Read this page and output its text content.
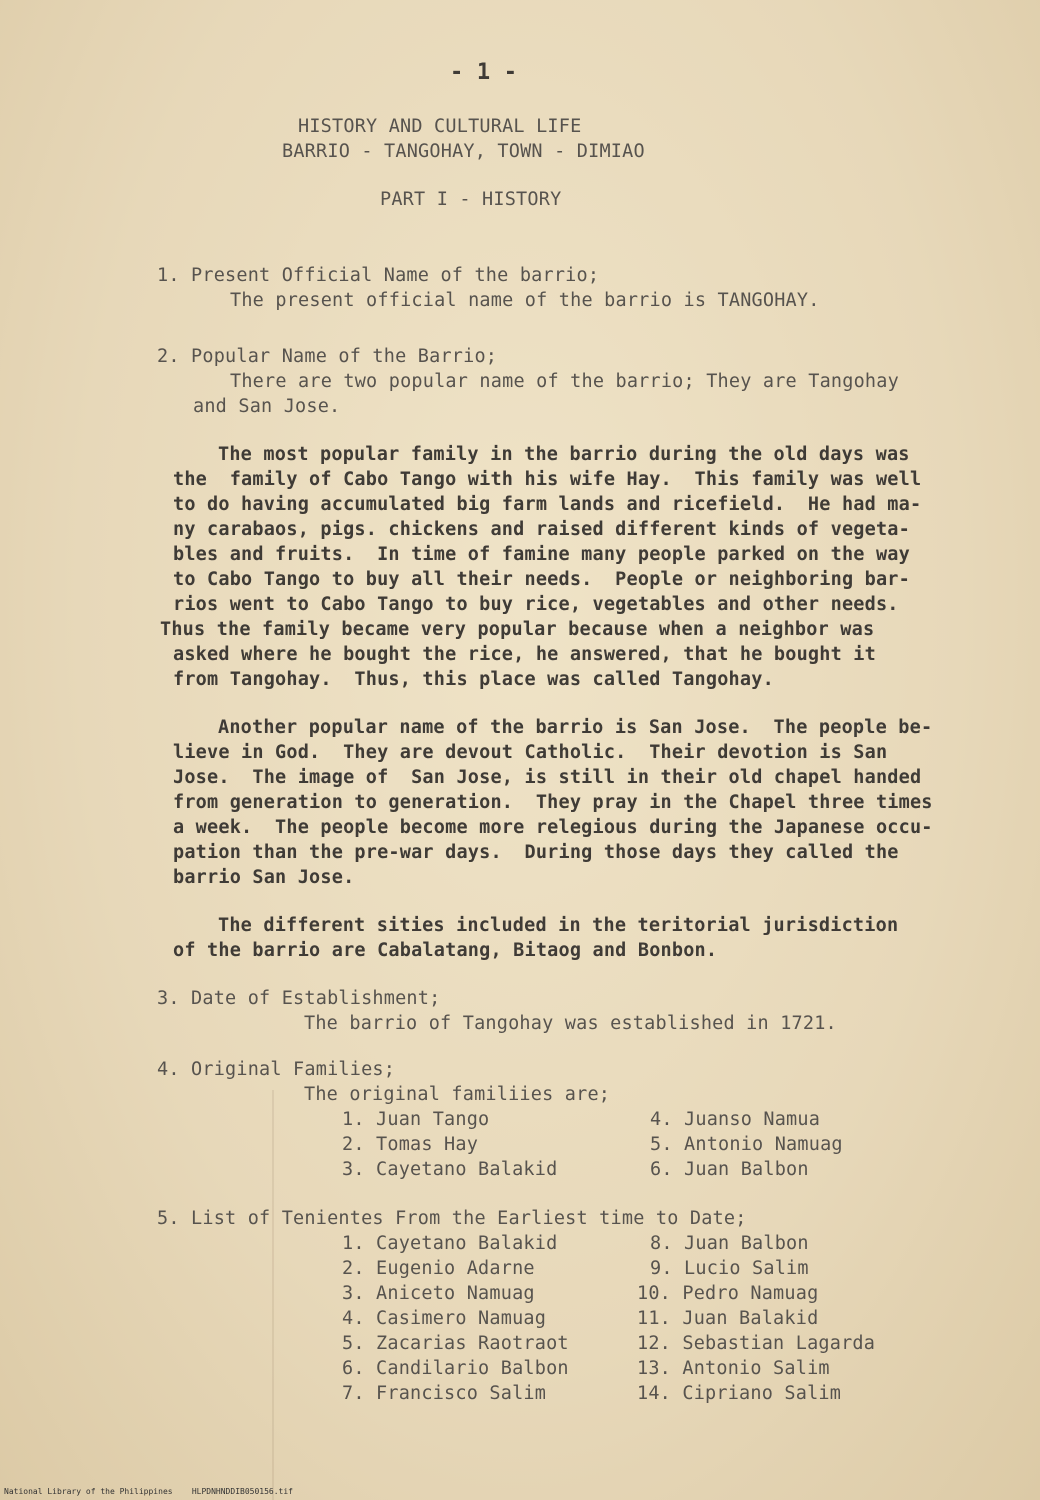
- 1 -
HISTORY AND CULTURAL LIFE
BARRIO - TANGOHAY, TOWN - DIMIAO
PART I - HISTORY
1. Present Official Name of the barrio;
The present official name of the barrio is TANGOHAY.
2. Popular Name of the Barrio;
There are two popular name of the barrio; They are Tangohay
and San Jose.
The most popular family in the barrio during the old days was
the  family of Cabo Tango with his wife Hay.  This family was well
to do having accumulated big farm lands and ricefield.  He had ma-
ny carabaos, pigs. chickens and raised different kinds of vegeta-
bles and fruits.  In time of famine many people parked on the way
to Cabo Tango to buy all their needs.  People or neighboring bar-
rios went to Cabo Tango to buy rice, vegetables and other needs.
Thus the family became very popular because when a neighbor was
asked where he bought the rice, he answered, that he bought it
from Tangohay.  Thus, this place was called Tangohay.
Another popular name of the barrio is San Jose.  The people be-
lieve in God.  They are devout Catholic.  Their devotion is San
Jose.  The image of  San Jose, is still in their old chapel handed
from generation to generation.  They pray in the Chapel three times
a week.  The people become more relegious during the Japanese occu-
pation than the pre-war days.  During those days they called the
barrio San Jose.
The different sities included in the teritorial jurisdiction
of the barrio are Cabalatang, Bitaog and Bonbon.
3. Date of Establishment;
The barrio of Tangohay was established in 1721.
4. Original Families;
The original familiies are;
1. Juan Tango
2. Tomas Hay
3. Cayetano Balakid
4. Juanso Namua
5. Antonio Namuag
6. Juan Balbon
5. List of Tenientes From the Earliest time to Date;
1. Cayetano Balakid
2. Eugenio Adarne
3. Aniceto Namuag
4. Casimero Namuag
5. Zacarias Raotraot
6. Candilario Balbon
7. Francisco Salim
8. Juan Balbon
9. Lucio Salim
10. Pedro Namuag
11. Juan Balakid
12. Sebastian Lagarda
13. Antonio Salim
14. Cipriano Salim
National Library of the Philippines    HLPDNHNDDIB050156.tif
